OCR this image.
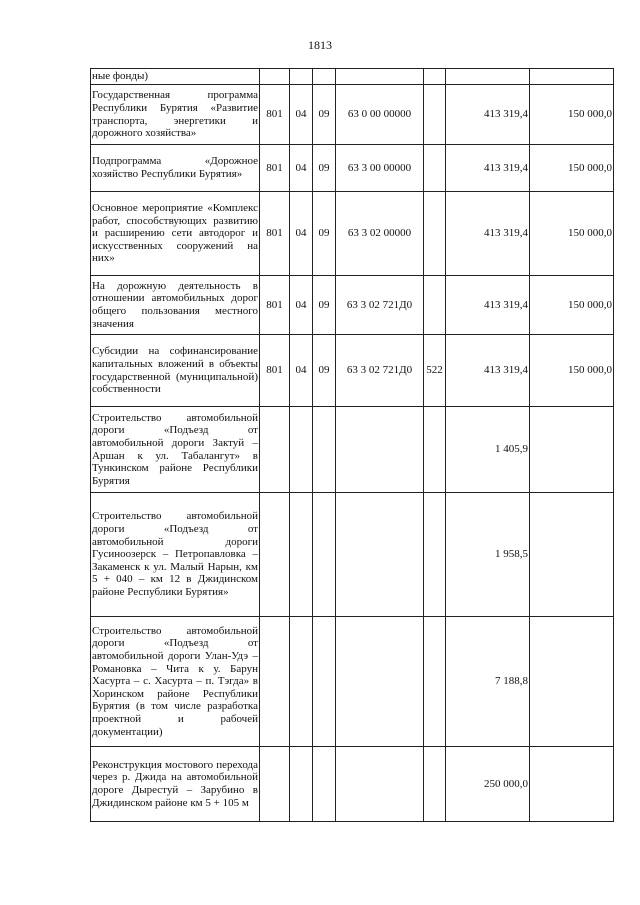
1813
ные фонды)							
Государственная программа Республики Бурятия «Развитие транспорта, энергетики и дорожного хозяйства»	801	04	09	63 0 00 00000		413 319,4	150 000,0
Подпрограмма «Дорожное хозяйство Республики Бурятия»	801	04	09	63 3 00 00000		413 319,4	150 000,0
Основное мероприятие «Комплекс работ, способствующих развитию и расширению сети автодорог и искусственных сооружений на них»	801	04	09	63 3 02 00000		413 319,4	150 000,0
На дорожную деятельность в отношении автомобильных дорог общего пользования местного значения	801	04	09	63 3 02 721Д0		413 319,4	150 000,0
Субсидии на софинансирование капитальных вложений в объекты государственной (муниципальной) собственности	801	04	09	63 3 02 721Д0	522	413 319,4	150 000,0
Строительство автомобильной дороги «Подъезд от автомобильной дороги Зактуй – Аршан к ул. Табалангут» в Тункинском районе Республики Бурятия						1 405,9	
Строительство автомобильной дороги «Подъезд от автомобильной дороги Гусиноозерск – Петропавловка – Закаменск к ул. Малый Нарын, км 5 + 040 – км 12 в Джидинском районе Республики Бурятия»						1 958,5	
Строительство автомобильной дороги «Подъезд от автомобильной дороги Улан-Удэ – Романовка – Чита к у. Барун Хасурта – с. Хасурта – п. Тэгда» в Хоринском районе Республики Бурятия (в том числе разработка проектной и рабочей документации)						7 188,8	
Реконструкция мостового перехода через р. Джида на автомобильной дороге Дырестуй – Зарубино в Джидинском районе км 5 + 105 м						250 000,0	
